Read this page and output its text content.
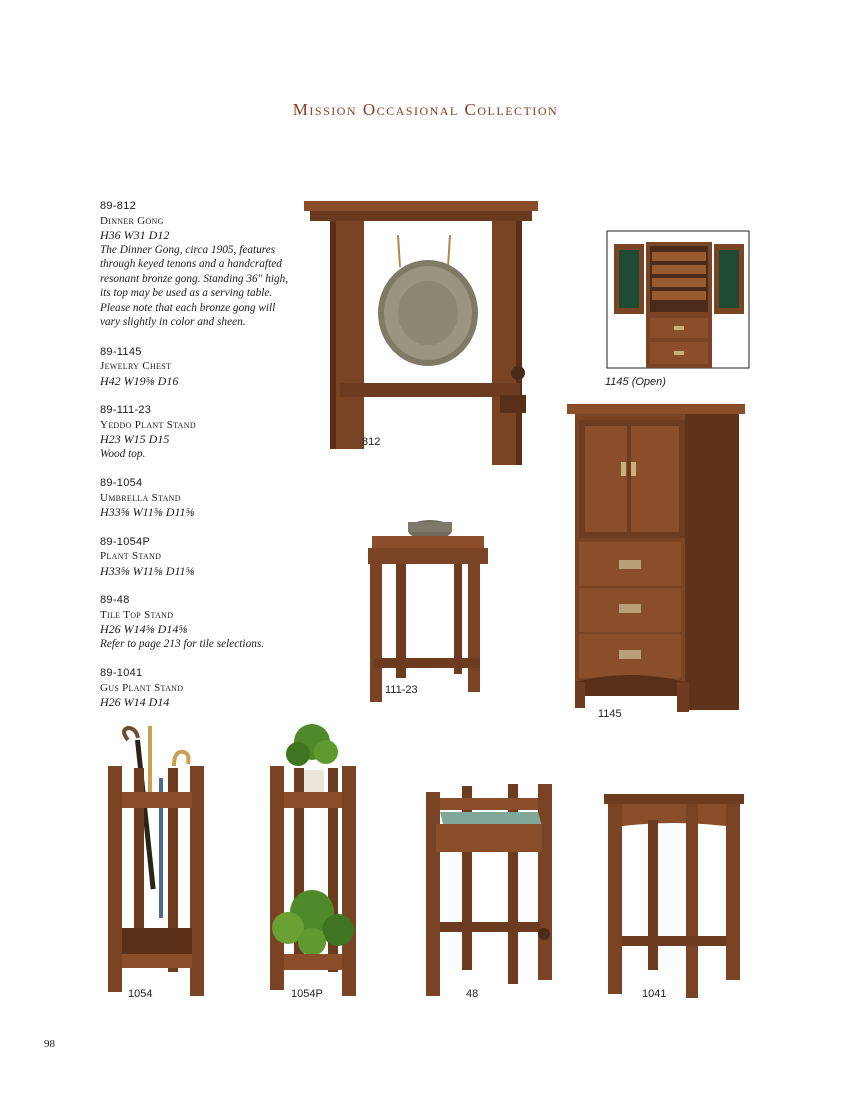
Mission Occasional Collection
89-812
Dinner Gong
H36 W31 D12
The Dinner Gong, circa 1905, features
through keyed tenons and a handcrafted
resonant bronze gong. Standing 36" high,
its top may be used as a serving table.
Please note that each bronze gong will
vary slightly in color and sheen.
89-1145
Jewelry Chest
H42 W19⅝ D16
89-111-23
Yeddo Plant Stand
H23 W15 D15
Wood top.
89-1054
Umbrella Stand
H33⅝ W11⅝ D11⅝
89-1054P
Plant Stand
H33⅝ W11⅝ D11⅝
89-48
Tile Top Stand
H26 W14⅝ D14⅝
Refer to page 213 for tile selections.
89-1041
Gus Plant Stand
H26 W14 D14
812
1145 (Open)
1145
111-23
1054	1054P	48	1041
98
